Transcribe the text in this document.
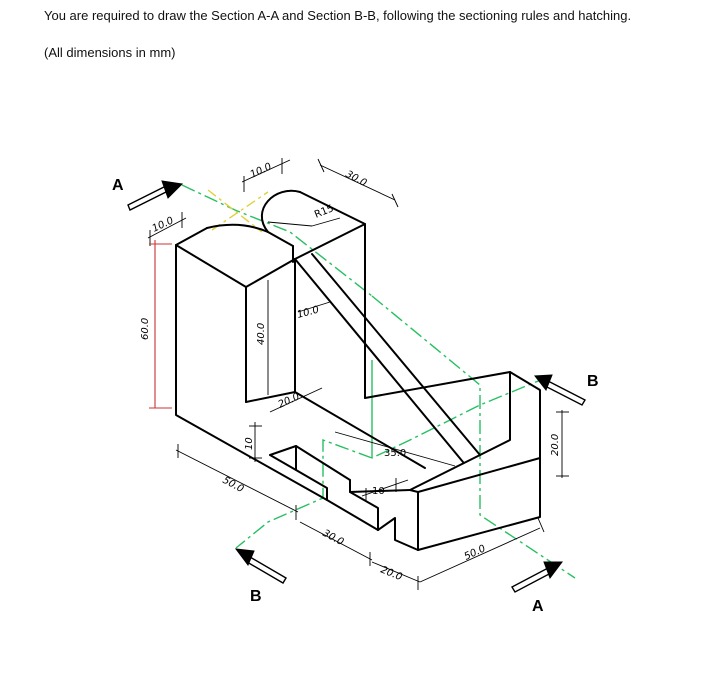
You are required to draw the Section A-A and Section B-B, following the sectioning rules and hatching.

(All dimensions in mm)

10.0
R15
30.0
10.0
60.0	40.0
10.0
20.0
50.0
10
35.0
10
30.0
20.0
50.0
20.0
A
B
B
A
